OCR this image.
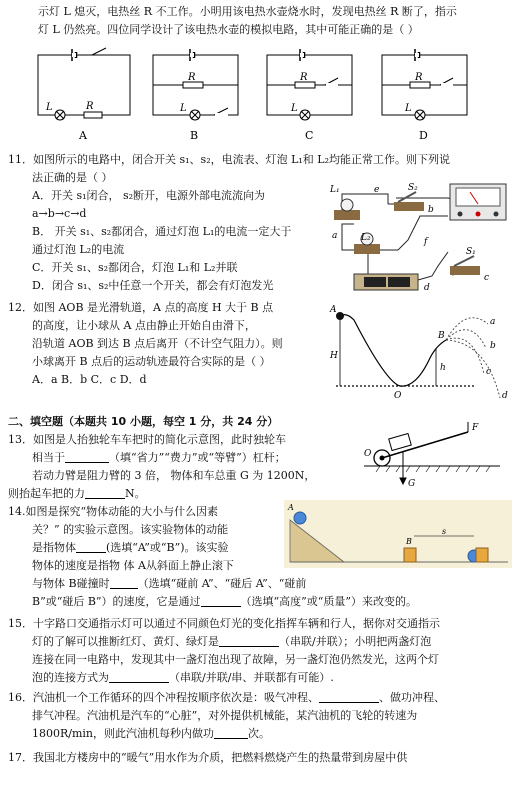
示灯 L 熄灭，电热丝 R 不工作。小明用该电热水壶烧水时，发现电热丝 R 断了，指示
灯 L 仍然亮。四位同学设计了该电热水壶的模拟电路，其中可能正确的是（ ）
L	R
R
L
R
L
R
L
A	B	C	D
11．如图所示的电路中，闭合开关 s₁、s₂，电流表、灯泡 L₁和 L₂均能正常工作。则下列说
法正确的是（ ）
A．开关 s₁闭合， s₂断开，电源外部电流流向为
a→b→c→d
B． 开关 s₁、s₂都闭合，通过灯泡 L₁的电流一定大于
通过灯泡 L₂的电流
C．开关 s₁、s₂都闭合，灯泡 L₁和 L₂并联
D．闭合 s₁、s₂中任意一个开关，都会有灯泡发光
L₁
L₂
S₂
S₁
a
b
c
d
e
f
12．如图 AOB 是光滑轨道，A 点的高度 H 大于 B 点
的高度，让小球从 A 点由静止开始自由滑下，
沿轨道 AOB 到达 B 点后离开（不计空气阻力）。则
小球离开 B 点后的运动轨迹最符合实际的是（ ）
A．a B．b C．c D．d
A
H
B
h
O
a
b
c
d
二、填空题（本题共 10 小题，每空 1 分，共 24 分）
13．如图是人抬独轮车车把时的简化示意图，此时独轮车
相当于	（填“省力”“费力”或“等臂”）杠杆；
若动力臂是阻力臂的 3 倍， 物体和车总重 G 为 1200N，
则抬起车把的力	N。
F
O
G
14.如图是探究“物体动能的大小与什么因素
关？” 的实验示意图。该实验物体的动能
是指物体	(选填“A”或“B”)。该实验
物体的速度是指物 体 A从斜面上静止滚下
与物体 B碰撞时	（选填“碰前 A”、“碰后 A”、“碰前
B”或“碰后 B”）的速度，它是通过	（选填“高度”或“质量”）来改变的。
A
B
s
15．十字路口交通指示灯可以通过不同颜色灯光的变化指挥车辆和行人，据你对交通指示
灯的了解可以推断红灯、黄灯、绿灯是	（串联/并联）；小明把两盏灯泡
连接在同一电路中，发现其中一盏灯泡出现了故障，另一盏灯泡仍然发光，这两个灯
泡的连接方式为	（串联/并联/串、并联都有可能）.
16．汽油机一个工作循环的四个冲程按顺序依次是：吸气冲程、	、做功冲程、
排气冲程。汽油机是汽车的“心脏”，对外提供机械能，某汽油机的飞轮的转速为
1800R/min，则此汽油机每秒内做功	次。
17．我国北方楼房中的“暖气”用水作为介质，把燃料燃烧产生的热量带到房屋中供
